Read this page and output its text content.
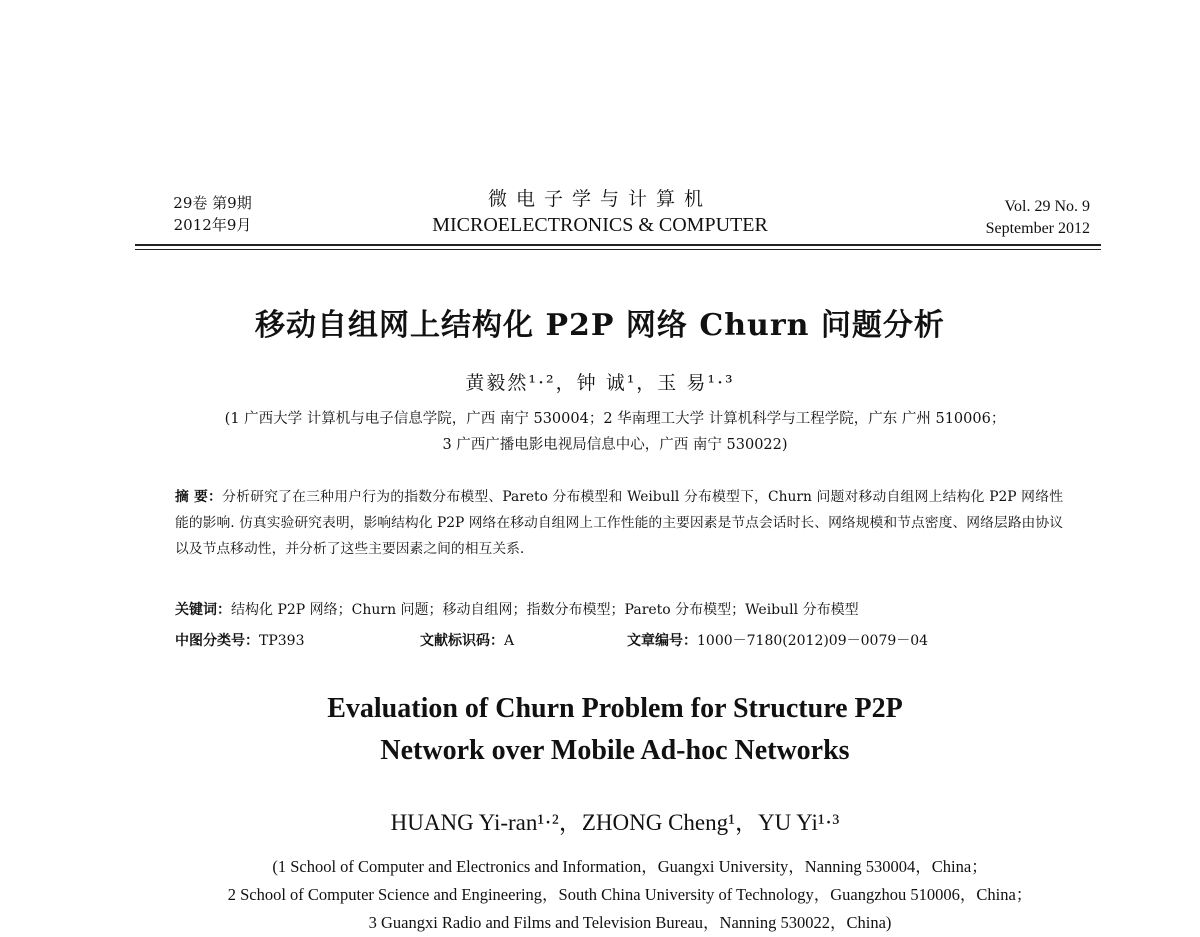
29卷 第9期
2012年9月
微电子学与计算机
MICROELECTRONICS & COMPUTER
Vol. 29 No. 9
September 2012
移动自组网上结构化 P2P 网络 Churn 问题分析
黄毅然¹·²，钟 诚¹，玉 易¹·³
(1 广西大学 计算机与电子信息学院，广西 南宁 530004；2 华南理工大学 计算机科学与工程学院，广东 广州 510006；
3 广西广播电影电视局信息中心，广西 南宁 530022)
摘 要：分析研究了在三种用户行为的指数分布模型、Pareto 分布模型和 Weibull 分布模型下，Churn 问题对移动自组网上结构化 P2P 网络性能的影响. 仿真实验研究表明，影响结构化 P2P 网络在移动自组网上工作性能的主要因素是节点会话时长、网络规模和节点密度、网络层路由协议以及节点移动性，并分析了这些主要因素之间的相互关系.
关键词：结构化 P2P 网络；Churn 问题；移动自组网；指数分布模型；Pareto 分布模型；Weibull 分布模型
中图分类号：TP393	文献标识码：A	文章编号：1000－7180(2012)09－0079－04
Evaluation of Churn Problem for Structure P2P
Network over Mobile Ad-hoc Networks
HUANG Yi-ran¹·²，ZHONG Cheng¹，YU Yi¹·³
(1 School of Computer and Electronics and Information，Guangxi University，Nanning 530004，China；
2 School of Computer Science and Engineering，South China University of Technology，Guangzhou 510006，China；
3 Guangxi Radio and Films and Television Bureau，Nanning 530022，China)
